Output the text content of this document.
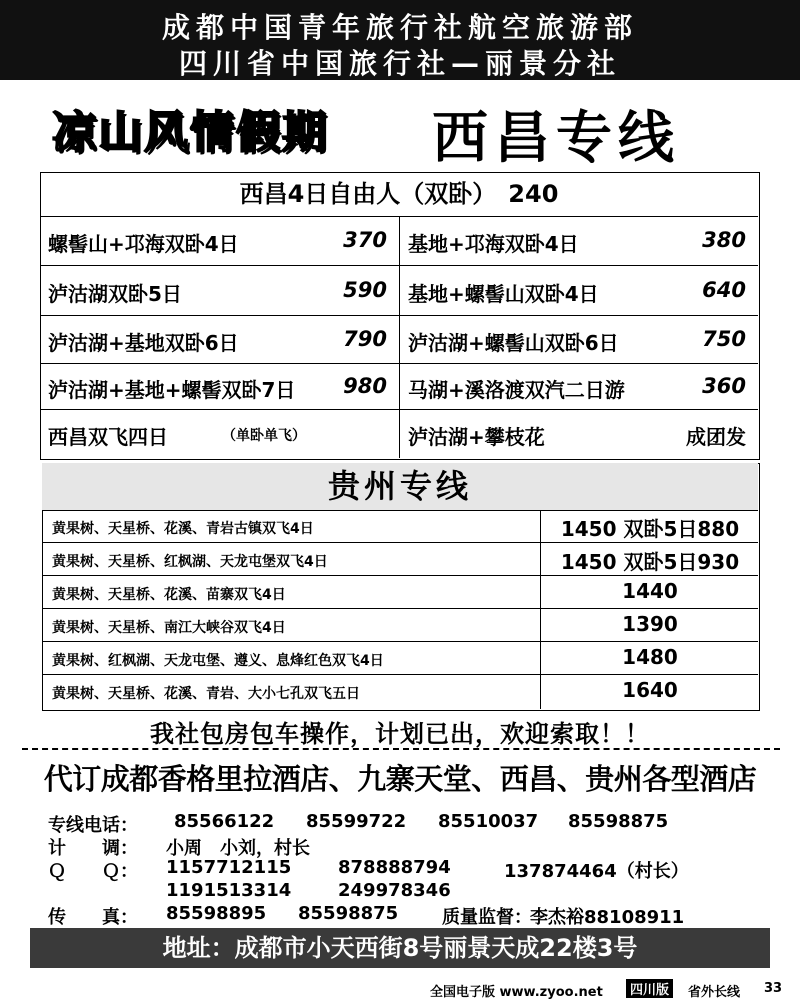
成都中国青年旅行社航空旅游部
四川省中国旅行社—丽景分社
凉山风情假期 西昌专线
西昌4日自由人（双卧）　240
螺髻山+邛海双卧4日	370 基地+邛海双卧4日	380
泸沽湖双卧5日	590 基地+螺髻山双卧4日	640
泸沽湖+基地双卧6日	790 泸沽湖+螺髻山双卧6日	750
泸沽湖+基地+螺髻双卧7日 980 马湖+溪洛渡双汽二日游	360
西昌双飞四日	（单卧单飞）	泸沽湖+攀枝花	成团发
贵州专线
黄果树、天星桥、花溪、青岩古镇双飞4日	1450 双卧5日880
黄果树、天星桥、红枫湖、天龙屯堡双飞4日	1450 双卧5日930
黄果树、天星桥、花溪、苗寨双飞4日	1440
黄果树、天星桥、南江大峡谷双飞4日	1390
黄果树、红枫湖、天龙屯堡、遵义、息烽红色双飞4日	1480
黄果树、天星桥、花溪、青岩、大小七孔双飞五日	1640
我社包房包车操作，计划已出，欢迎索取！！
代订成都香格里拉酒店、九寨天堂、西昌、贵州各型酒店
专线电话： 85566122 85599722 85510037 85598875
计　　调： 小周　小刘，村长
Ｑ　　Ｑ： 1157712115	878888794	137874464（村长）
1191513314	249978346
传　　真： 85598895 85598875 质量监督：
李杰裕88108911
地址：成都市小天西街8号丽景天成22楼3号
全国电子版 www.zyoo.net	四川版	省外长线 33
